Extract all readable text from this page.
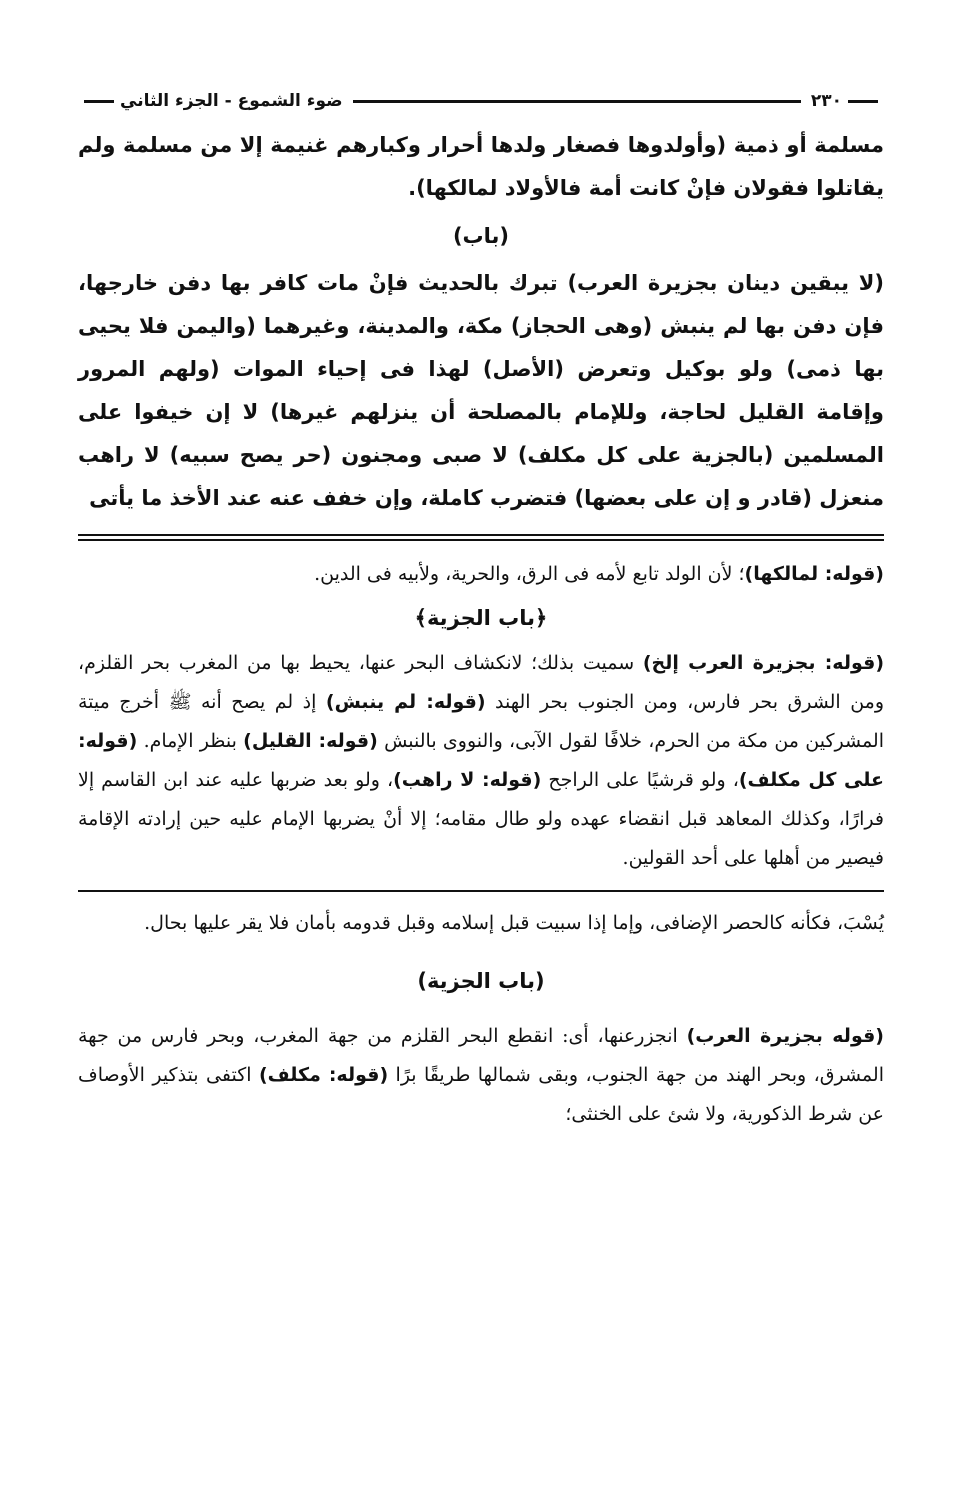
٢٣٠
ضوء الشموع - الجزء الثاني

مسلمة أو ذمية (وأولدوها فصغار ولدها أحرار وكبارهم غنيمة إلا من مسلمة ولم يقاتلوا فقولان فإنْ كانت أمة فالأولاد لمالكها).

(باب)

(لا يبقين دينان بجزيرة العرب) تبرك بالحديث فإنْ مات كافر بها دفن خارجها، فإن دفن بها لم ينبش (وهى الحجاز) مكة، والمدينة، وغيرهما (واليمن فلا يحيى بها ذمى) ولو بوكيل وتعرض (الأصل) لهذا فى إحياء الموات (ولهم المرور وإقامة القليل لحاجة، وللإمام بالمصلحة أن ينزلهم غيرها) لا إن خيفوا على المسلمين (بالجزية على كل مكلف) لا صبى ومجنون (حر يصح سبيه) لا راهب منعزل (قادر و إن على بعضها) فتضرب كاملة، وإن خفف عنه عند الأخذ ما يأتى

(قوله: لمالكها)؛ لأن الولد تابع لأمه فى الرق، والحرية، ولأبيه فى الدين.

﴿باب الجزية﴾

(قوله: بجزيرة العرب إلخ) سميت بذلك؛ لانكشاف البحر عنها، يحيط بها من المغرب بحر القلزم، ومن الشرق بحر فارس، ومن الجنوب بحر الهند (قوله: لم ينبش) إذ لم يصح أنه ﷺ أخرج ميتة المشركين من مكة من الحرم، خلافًا لقول الآبى، والنووى بالنبش (قوله: القليل) بنظر الإمام. (قوله: على كل مكلف)، ولو قرشيًا على الراجح (قوله: لا راهب)، ولو بعد ضربها عليه عند ابن القاسم إلا فرارًا، وكذلك المعاهد قبل انقضاء عهده ولو طال مقامه؛ إلا أنْ يضربها الإمام عليه حين إرادته الإقامة فيصير من أهلها على أحد القولين.

يُسْبَ، فكأنه كالحصر الإضافى، وإما إذا سبيت قبل إسلامه وقبل قدومه بأمان فلا يقر عليها بحال.

(باب الجزية)

(قوله بجزيرة العرب) انجزرعنها، أى: انقطع البحر القلزم من جهة المغرب، وبحر فارس من جهة المشرق، وبحر الهند من جهة الجنوب، وبقى شمالها طريقًا برًا (قوله: مكلف) اكتفى بتذكير الأوصاف عن شرط الذكورية، ولا شئ على الخنثى؛
